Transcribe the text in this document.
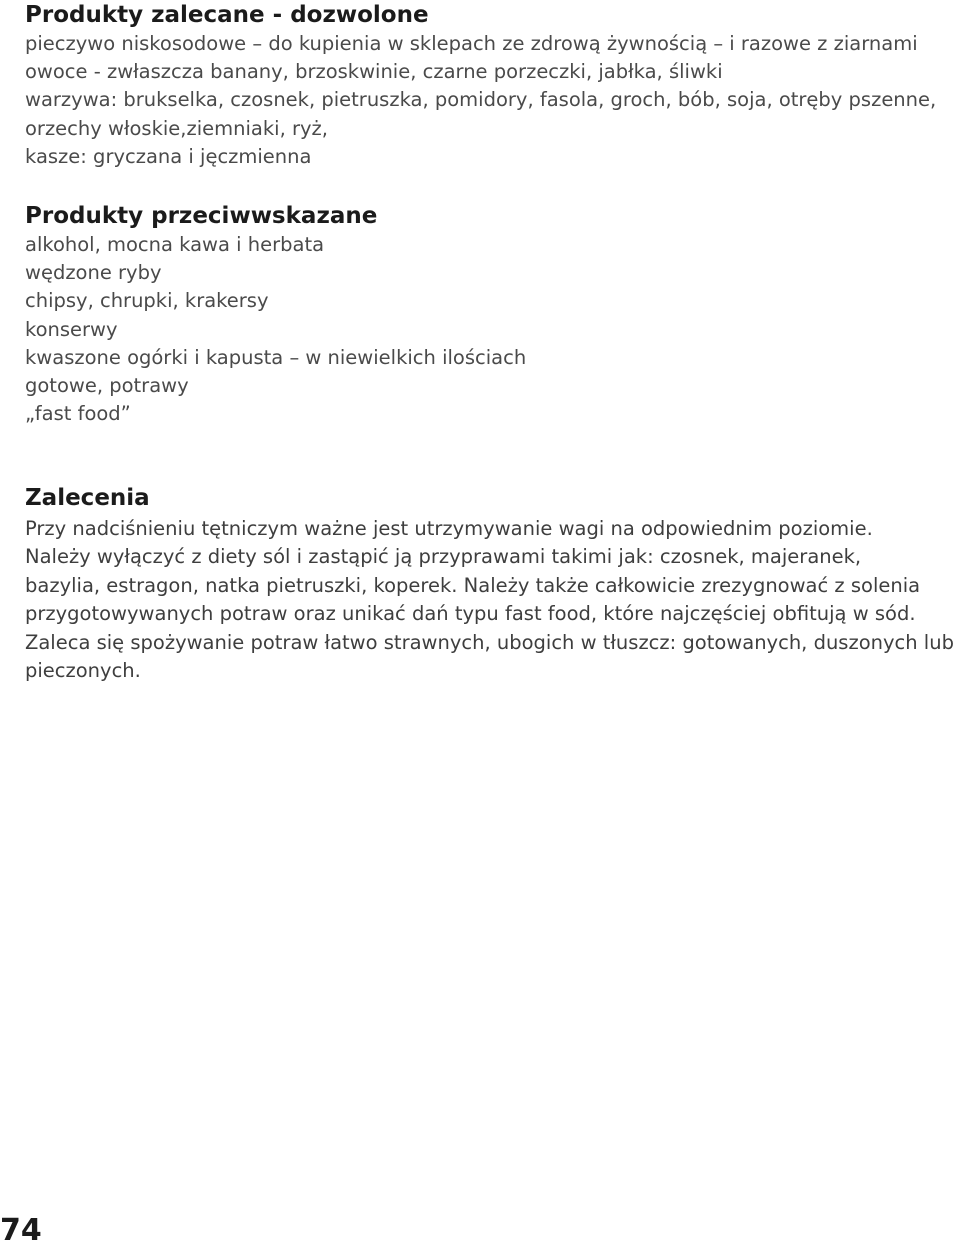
Produkty zalecane - dozwolone
pieczywo niskosodowe – do kupienia w sklepach ze zdrową żywnością – i razowe z ziarnami
owoce - zwłaszcza banany, brzoskwinie, czarne porzeczki, jabłka, śliwki
warzywa: brukselka, czosnek, pietruszka, pomidory, fasola, groch, bób, soja, otręby pszenne,
orzechy włoskie,ziemniaki, ryż,
kasze: gryczana i jęczmienna
Produkty przeciwwskazane
alkohol, mocna kawa i herbata
wędzone ryby
chipsy, chrupki, krakersy
konserwy
kwaszone ogórki i kapusta – w niewielkich ilościach
gotowe, potrawy
„fast food”
Zalecenia

Przy nadciśnieniu tętniczym ważne jest utrzymywanie wagi na odpowiednim poziomie.
Należy wyłączyć z diety sól i zastąpić ją przyprawami takimi jak: czosnek, majeranek,
bazylia, estragon, natka pietruszki, koperek. Należy także całkowicie zrezygnować z solenia
przygotowywanych potraw oraz unikać dań typu fast food, które najczęściej obfitują w sód.
Zaleca się spożywanie potraw łatwo strawnych, ubogich w tłuszcz: gotowanych, duszonych lub
pieczonych.

74
